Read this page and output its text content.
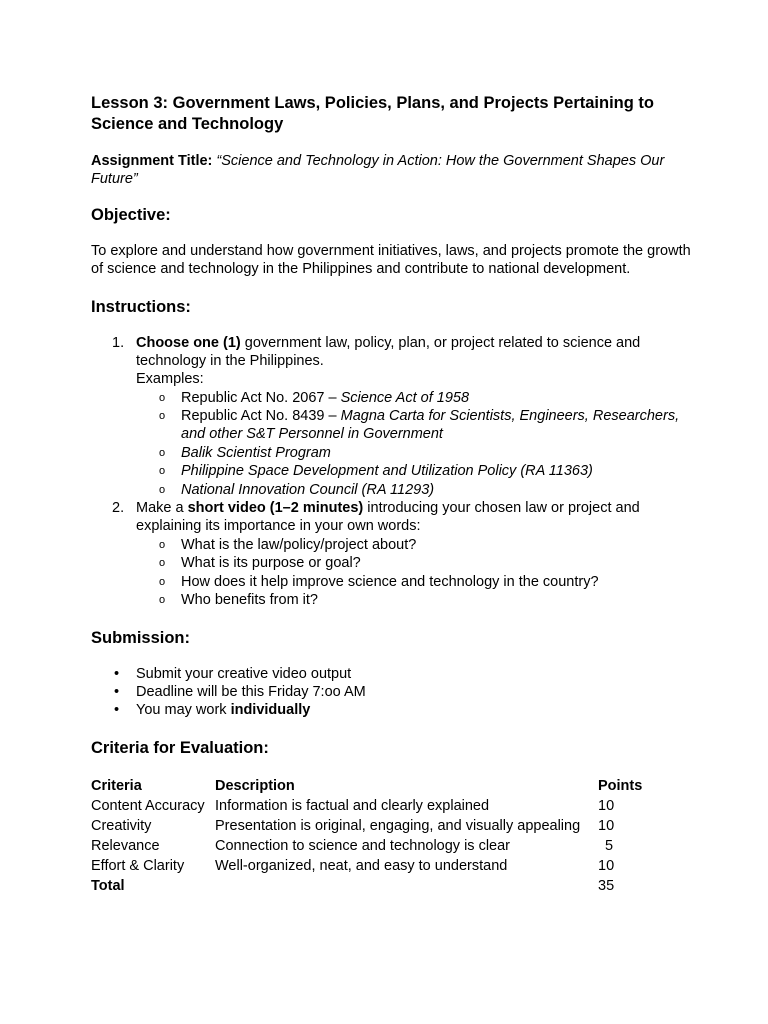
Lesson 3: Government Laws, Policies, Plans, and Projects Pertaining to Science and Technology
Assignment Title: “Science and Technology in Action: How the Government Shapes Our Future”
Objective:
To explore and understand how government initiatives, laws, and projects promote the growth of science and technology in the Philippines and contribute to national development.
Instructions:
1. Choose one (1) government law, policy, plan, or project related to science and technology in the Philippines.
Examples:
o Republic Act No. 2067 – Science Act of 1958
o Republic Act No. 8439 – Magna Carta for Scientists, Engineers, Researchers, and other S&T Personnel in Government
o Balik Scientist Program
o Philippine Space Development and Utilization Policy (RA 11363)
o National Innovation Council (RA 11293)
2. Make a short video (1–2 minutes) introducing your chosen law or project and explaining its importance in your own words:
o What is the law/policy/project about?
o What is its purpose or goal?
o How does it help improve science and technology in the country?
o Who benefits from it?
Submission:
• Submit your creative video output
• Deadline will be this Friday 7:oo AM
• You may work individually
Criteria for Evaluation:
Criteria	Description	Points
Content Accuracy	Information is factual and clearly explained	10
Creativity	Presentation is original, engaging, and visually appealing	10
Relevance	Connection to science and technology is clear	5
Effort & Clarity	Well-organized, neat, and easy to understand	10
Total		35
